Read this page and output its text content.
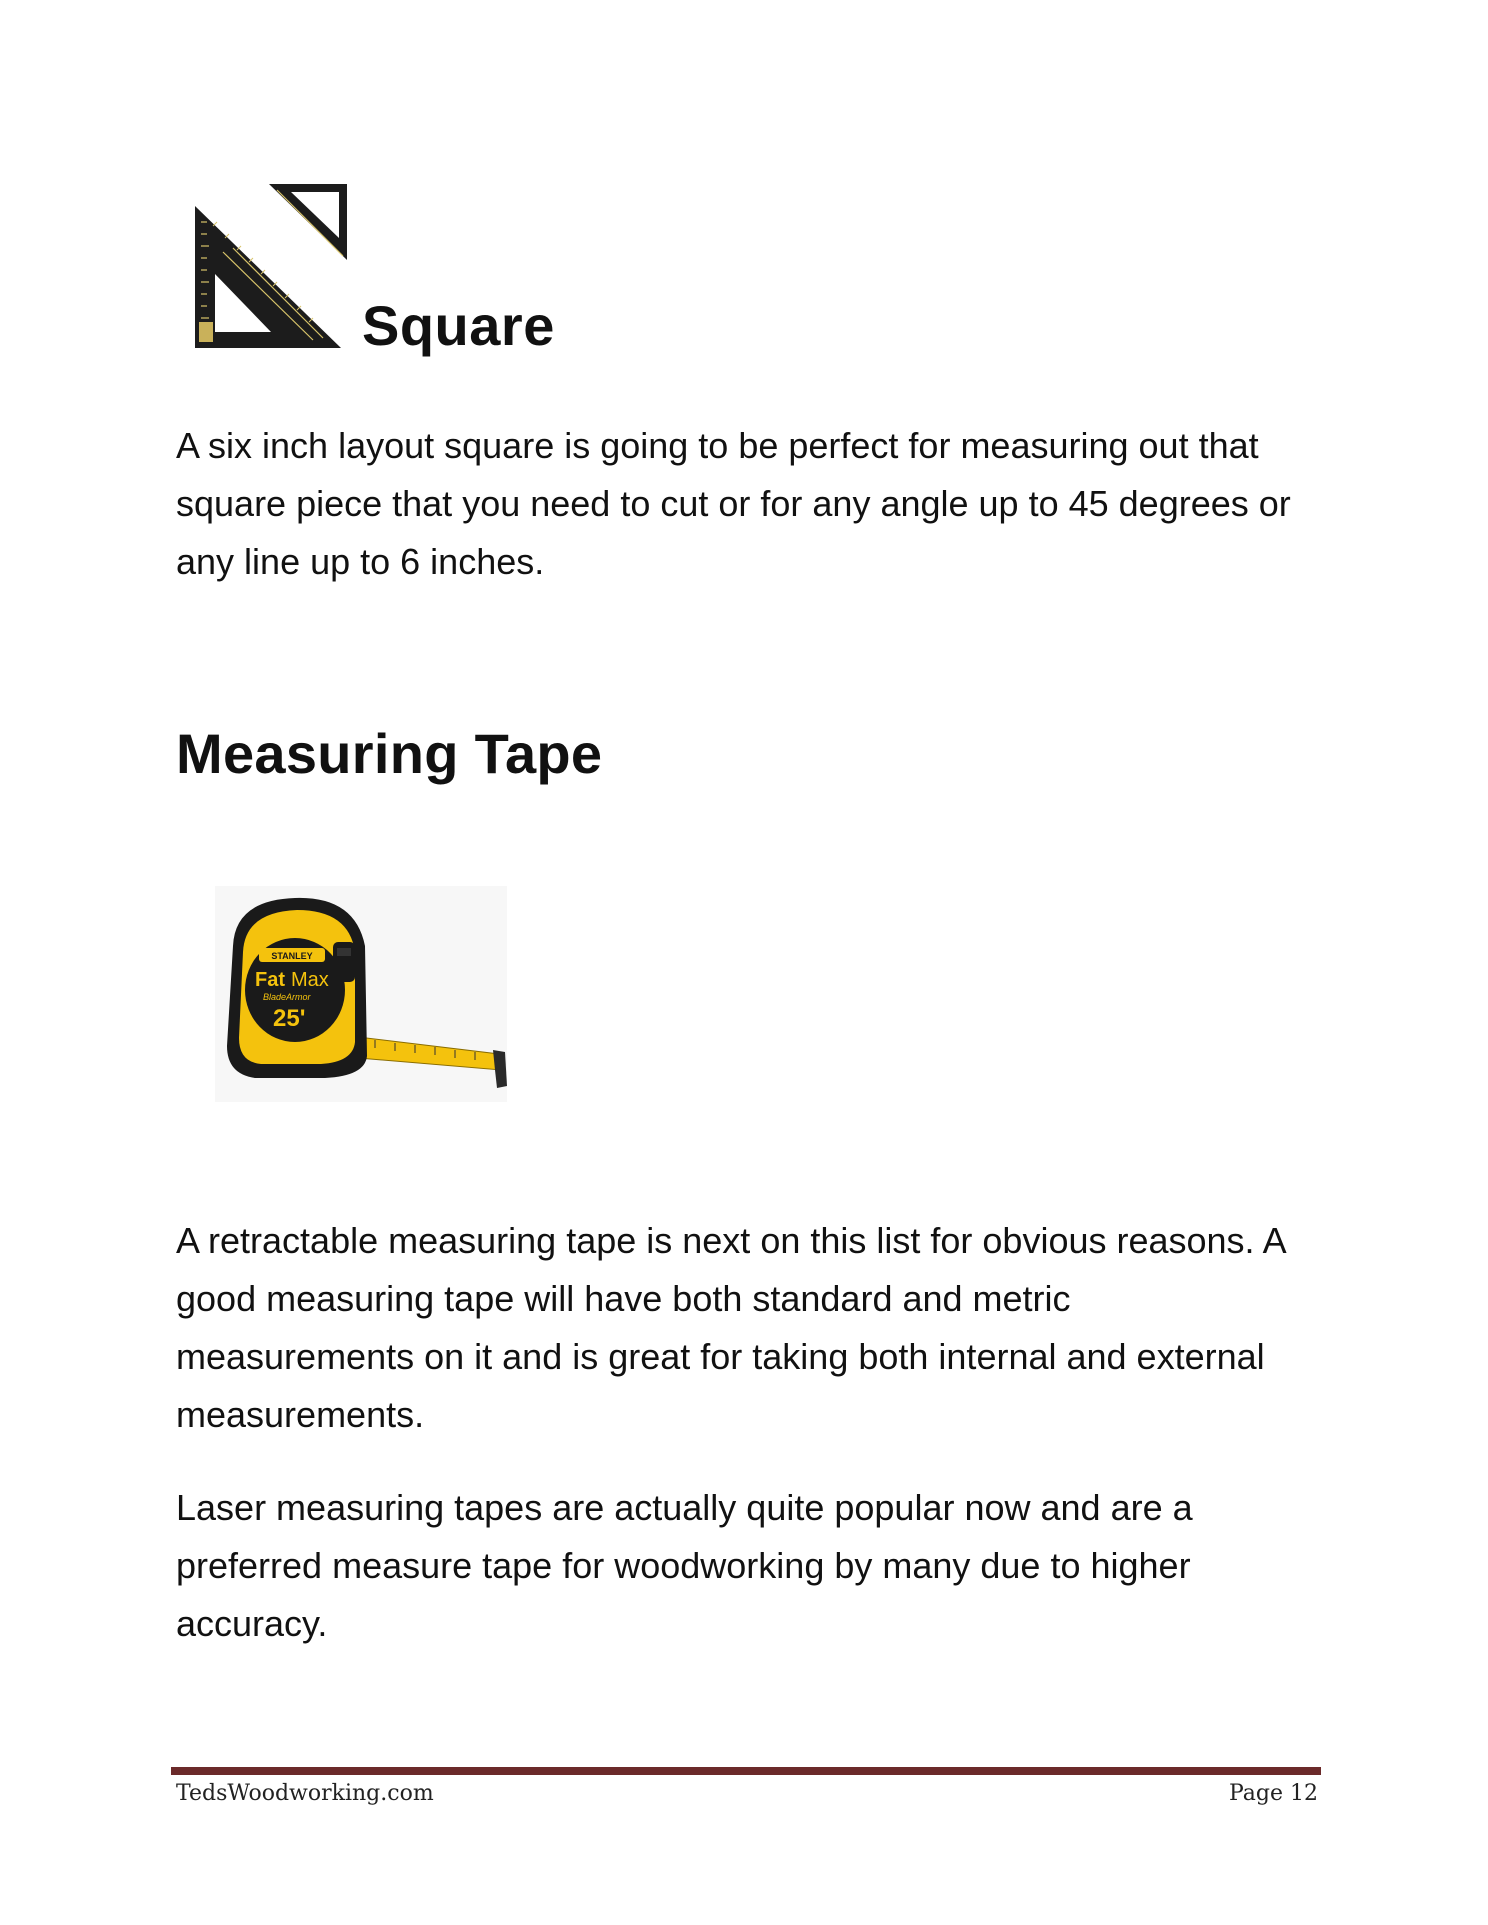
Square

A six inch layout square is going to be perfect for measuring out that square piece that you need to cut or for any angle up to 45 degrees or any line up to 6 inches.

Measuring Tape
STANLEY
Fat Max
BladeArmor
25'

A retractable measuring tape is next on this list for obvious reasons. A good measuring tape will have both standard and metric measurements on it and is great for taking both internal and external measurements.

Laser measuring tapes are actually quite popular now and are a preferred measure tape for woodworking by many due to higher accuracy.

TedsWoodworking.com	Page 12
